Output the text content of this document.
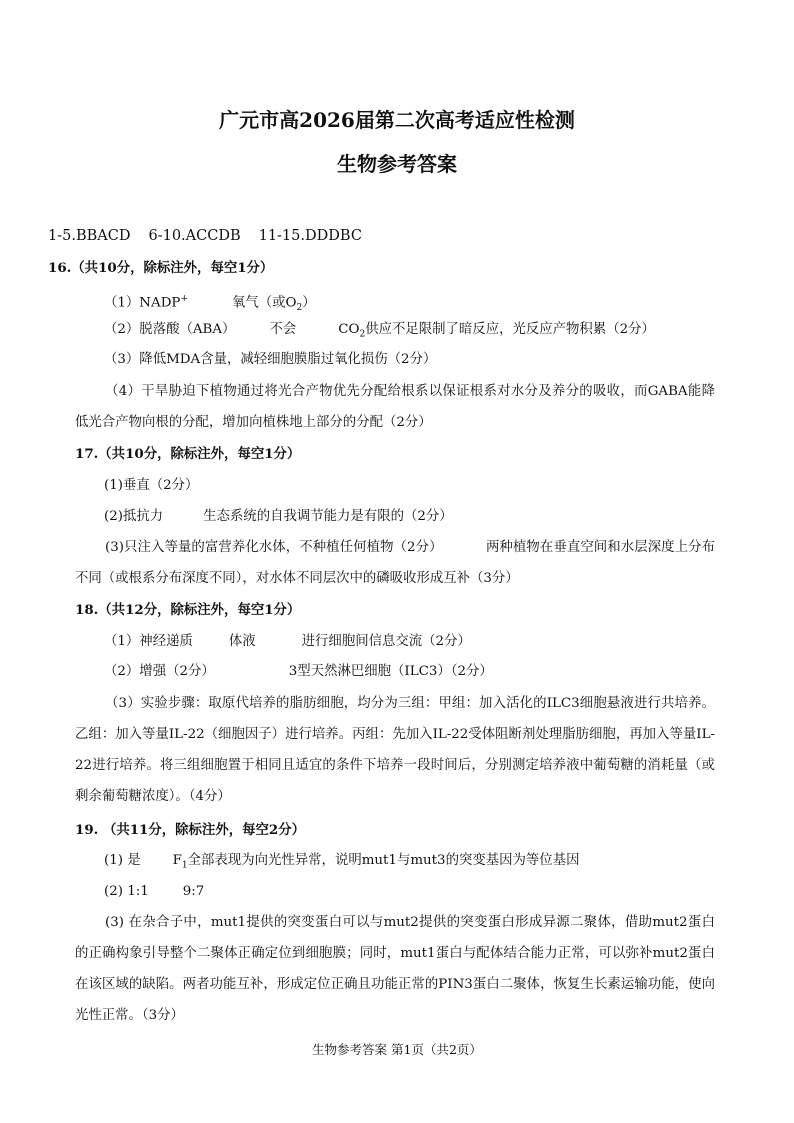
广元市高2026届第二次高考适应性检测
生物参考答案
1-5.BBACD 6-10.ACCDB 11-15.DDDBC
16.（共10分，除标注外，每空1分）
（1）NADP+	氧气（或$O_2$）
（2）脱落酸（ABA）	不会	$CO_2$供应不足限制了暗反应，光反应产物积累（2分）
（3）降低MDA含量，减轻细胞膜脂过氧化损伤（2分）
（4）干旱胁迫下植物通过将光合产物优先分配给根系以保证根系对水分及养分的吸收，而GABA能降低光合产物向根的分配，增加向植株地上部分的分配（2分）
17.（共10分，除标注外，每空1分）
(1)垂直（2分）
(2)抵抗力	生态系统的自我调节能力是有限的（2分）
(3)只注入等量的富营养化水体，不种植任何植物（2分）          两种植物在垂直空间和水层深度上分布不同（或根系分布深度不同），对水体不同层次中的磷吸收形成互补（3分）
18.（共12分，除标注外，每空1分）
（1）神经递质	体液	进行细胞间信息交流（2分）
（2）增强（2分）	3型天然淋巴细胞（ILC3）（2分）
（3）实验步骤：取原代培养的脂肪细胞，均分为三组：甲组：加入活化的ILC3细胞悬液进行共培养。乙组：加入等量IL-22（细胞因子）进行培养。丙组：先加入IL-22受体阻断剂处理脂肪细胞，再加入等量IL-22进行培养。将三组细胞置于相同且适宜的条件下培养一段时间后，分别测定培养液中葡萄糖的消耗量（或剩余葡萄糖浓度）。（4分）
19. （共11分，除标注外，每空2分）
(1) 是 $F_1$全部表现为向光性异常，说明mut1与mut3的突变基因为等位基因
(2) 1:1	9:7
(3) 在杂合子中，mut1提供的突变蛋白可以与mut2提供的突变蛋白形成异源二聚体，借助mut2蛋白的正确构象引导整个二聚体正确定位到细胞膜；同时，mut1蛋白与配体结合能力正常，可以弥补mut2蛋白在该区域的缺陷。两者功能互补，形成定位正确且功能正常的PIN3蛋白二聚体，恢复生长素运输功能，使向光性正常。（3分）
生物参考答案 第1页（共2页）
